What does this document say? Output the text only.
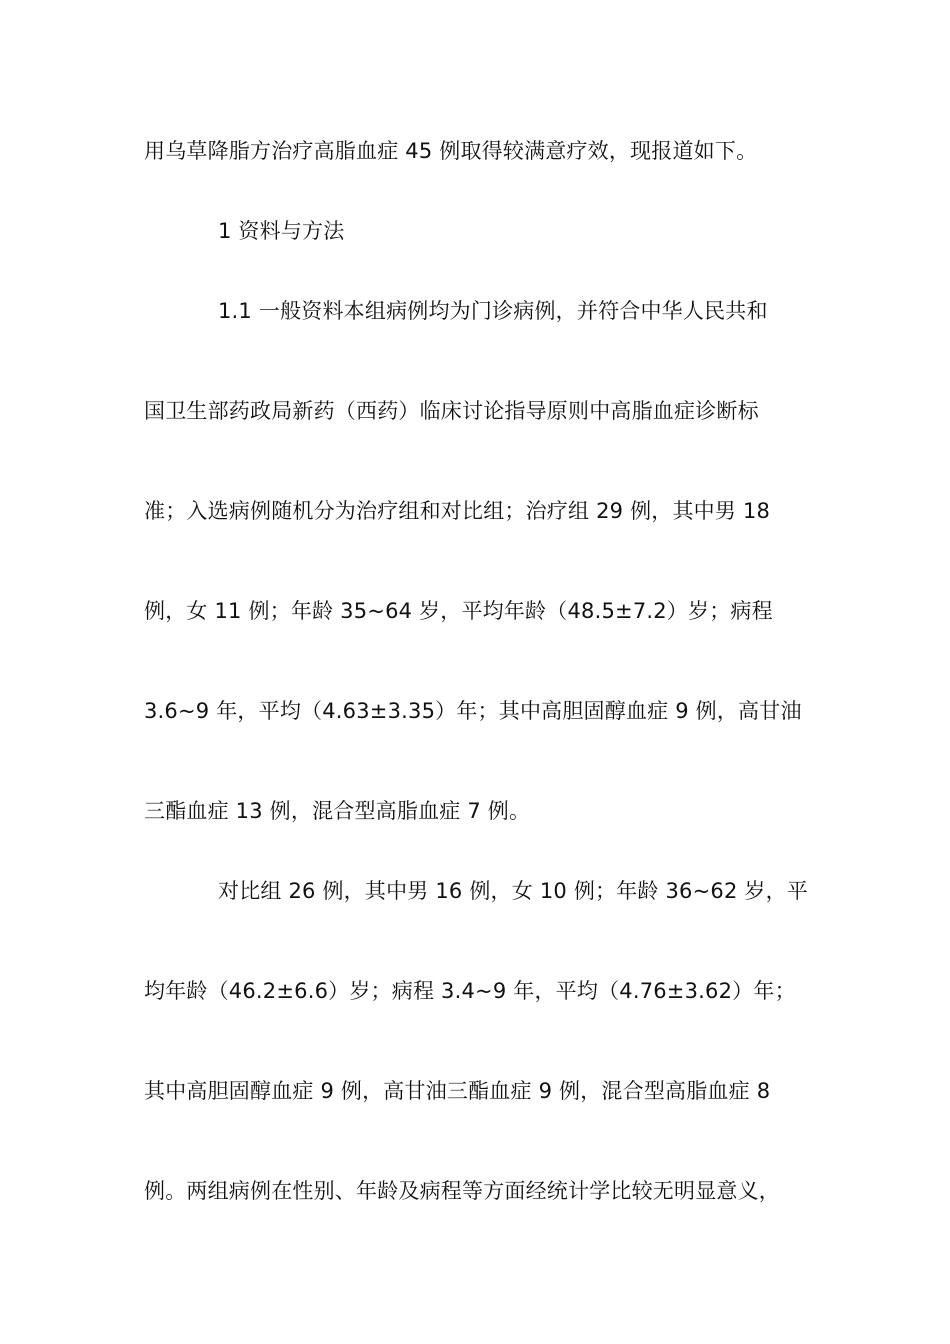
用乌草降脂方治疗高脂血症 45 例取得较满意疗效，现报道如下。
1 资料与方法
1.1 一般资料本组病例均为门诊病例，并符合中华人民共和
国卫生部药政局新药（西药）临床讨论指导原则中高脂血症诊断标
准；入选病例随机分为治疗组和对比组；治疗组 29 例，其中男 18
例，女 11 例；年龄 35~64 岁，平均年龄（48.5±7.2）岁；病程
3.6~9 年，平均（4.63±3.35）年；其中高胆固醇血症 9 例，高甘油
三酯血症 13 例，混合型高脂血症 7 例。
对比组 26 例，其中男 16 例，女 10 例；年龄 36~62 岁，平
均年龄（46.2±6.6）岁；病程 3.4~9 年，平均（4.76±3.62）年；
其中高胆固醇血症 9 例，高甘油三酯血症 9 例，混合型高脂血症 8
例。两组病例在性别、年龄及病程等方面经统计学比较无明显意义，
